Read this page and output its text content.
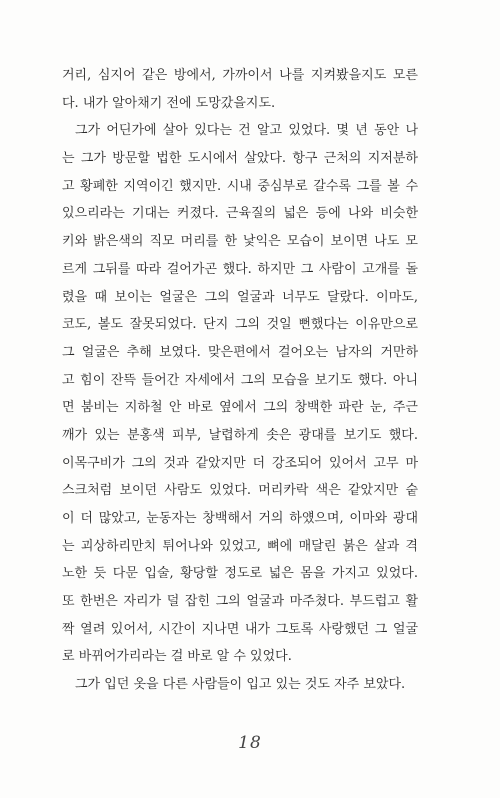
거리, 심지어 같은 방에서, 가까이서 나를 지켜봤을지도 모른
다. 내가 알아채기 전에 도망갔을지도.
그가 어딘가에 살아 있다는 건 알고 있었다. 몇 년 동안 나
는 그가 방문할 법한 도시에서 살았다. 항구 근처의 지저분하
고 황폐한 지역이긴 했지만. 시내 중심부로 갈수록 그를 볼 수
있으리라는 기대는 커졌다. 근육질의 넓은 등에 나와 비슷한
키와 밝은색의 직모 머리를 한 낯익은 모습이 보이면 나도 모
르게 그뒤를 따라 걸어가곤 했다. 하지만 그 사람이 고개를 돌
렸을 때 보이는 얼굴은 그의 얼굴과 너무도 달랐다. 이마도,
코도, 볼도 잘못되었다. 단지 그의 것일 뻔했다는 이유만으로
그 얼굴은 추해 보였다. 맞은편에서 걸어오는 남자의 거만하
고 힘이 잔뜩 들어간 자세에서 그의 모습을 보기도 했다. 아니
면 붐비는 지하철 안 바로 옆에서 그의 창백한 파란 눈, 주근
깨가 있는 분홍색 피부, 날렵하게 솟은 광대를 보기도 했다.
이목구비가 그의 것과 같았지만 더 강조되어 있어서 고무 마
스크처럼 보이던 사람도 있었다. 머리카락 색은 같았지만 숱
이 더 많았고, 눈동자는 창백해서 거의 하얬으며, 이마와 광대
는 괴상하리만치 튀어나와 있었고, 뼈에 매달린 붉은 살과 격
노한 듯 다문 입술, 황당할 정도로 넓은 몸을 가지고 있었다.
또 한번은 자리가 덜 잡힌 그의 얼굴과 마주쳤다. 부드럽고 활
짝 열려 있어서, 시간이 지나면 내가 그토록 사랑했던 그 얼굴
로 바뀌어가리라는 걸 바로 알 수 있었다.
그가 입던 옷을 다른 사람들이 입고 있는 것도 자주 보았다.
18
